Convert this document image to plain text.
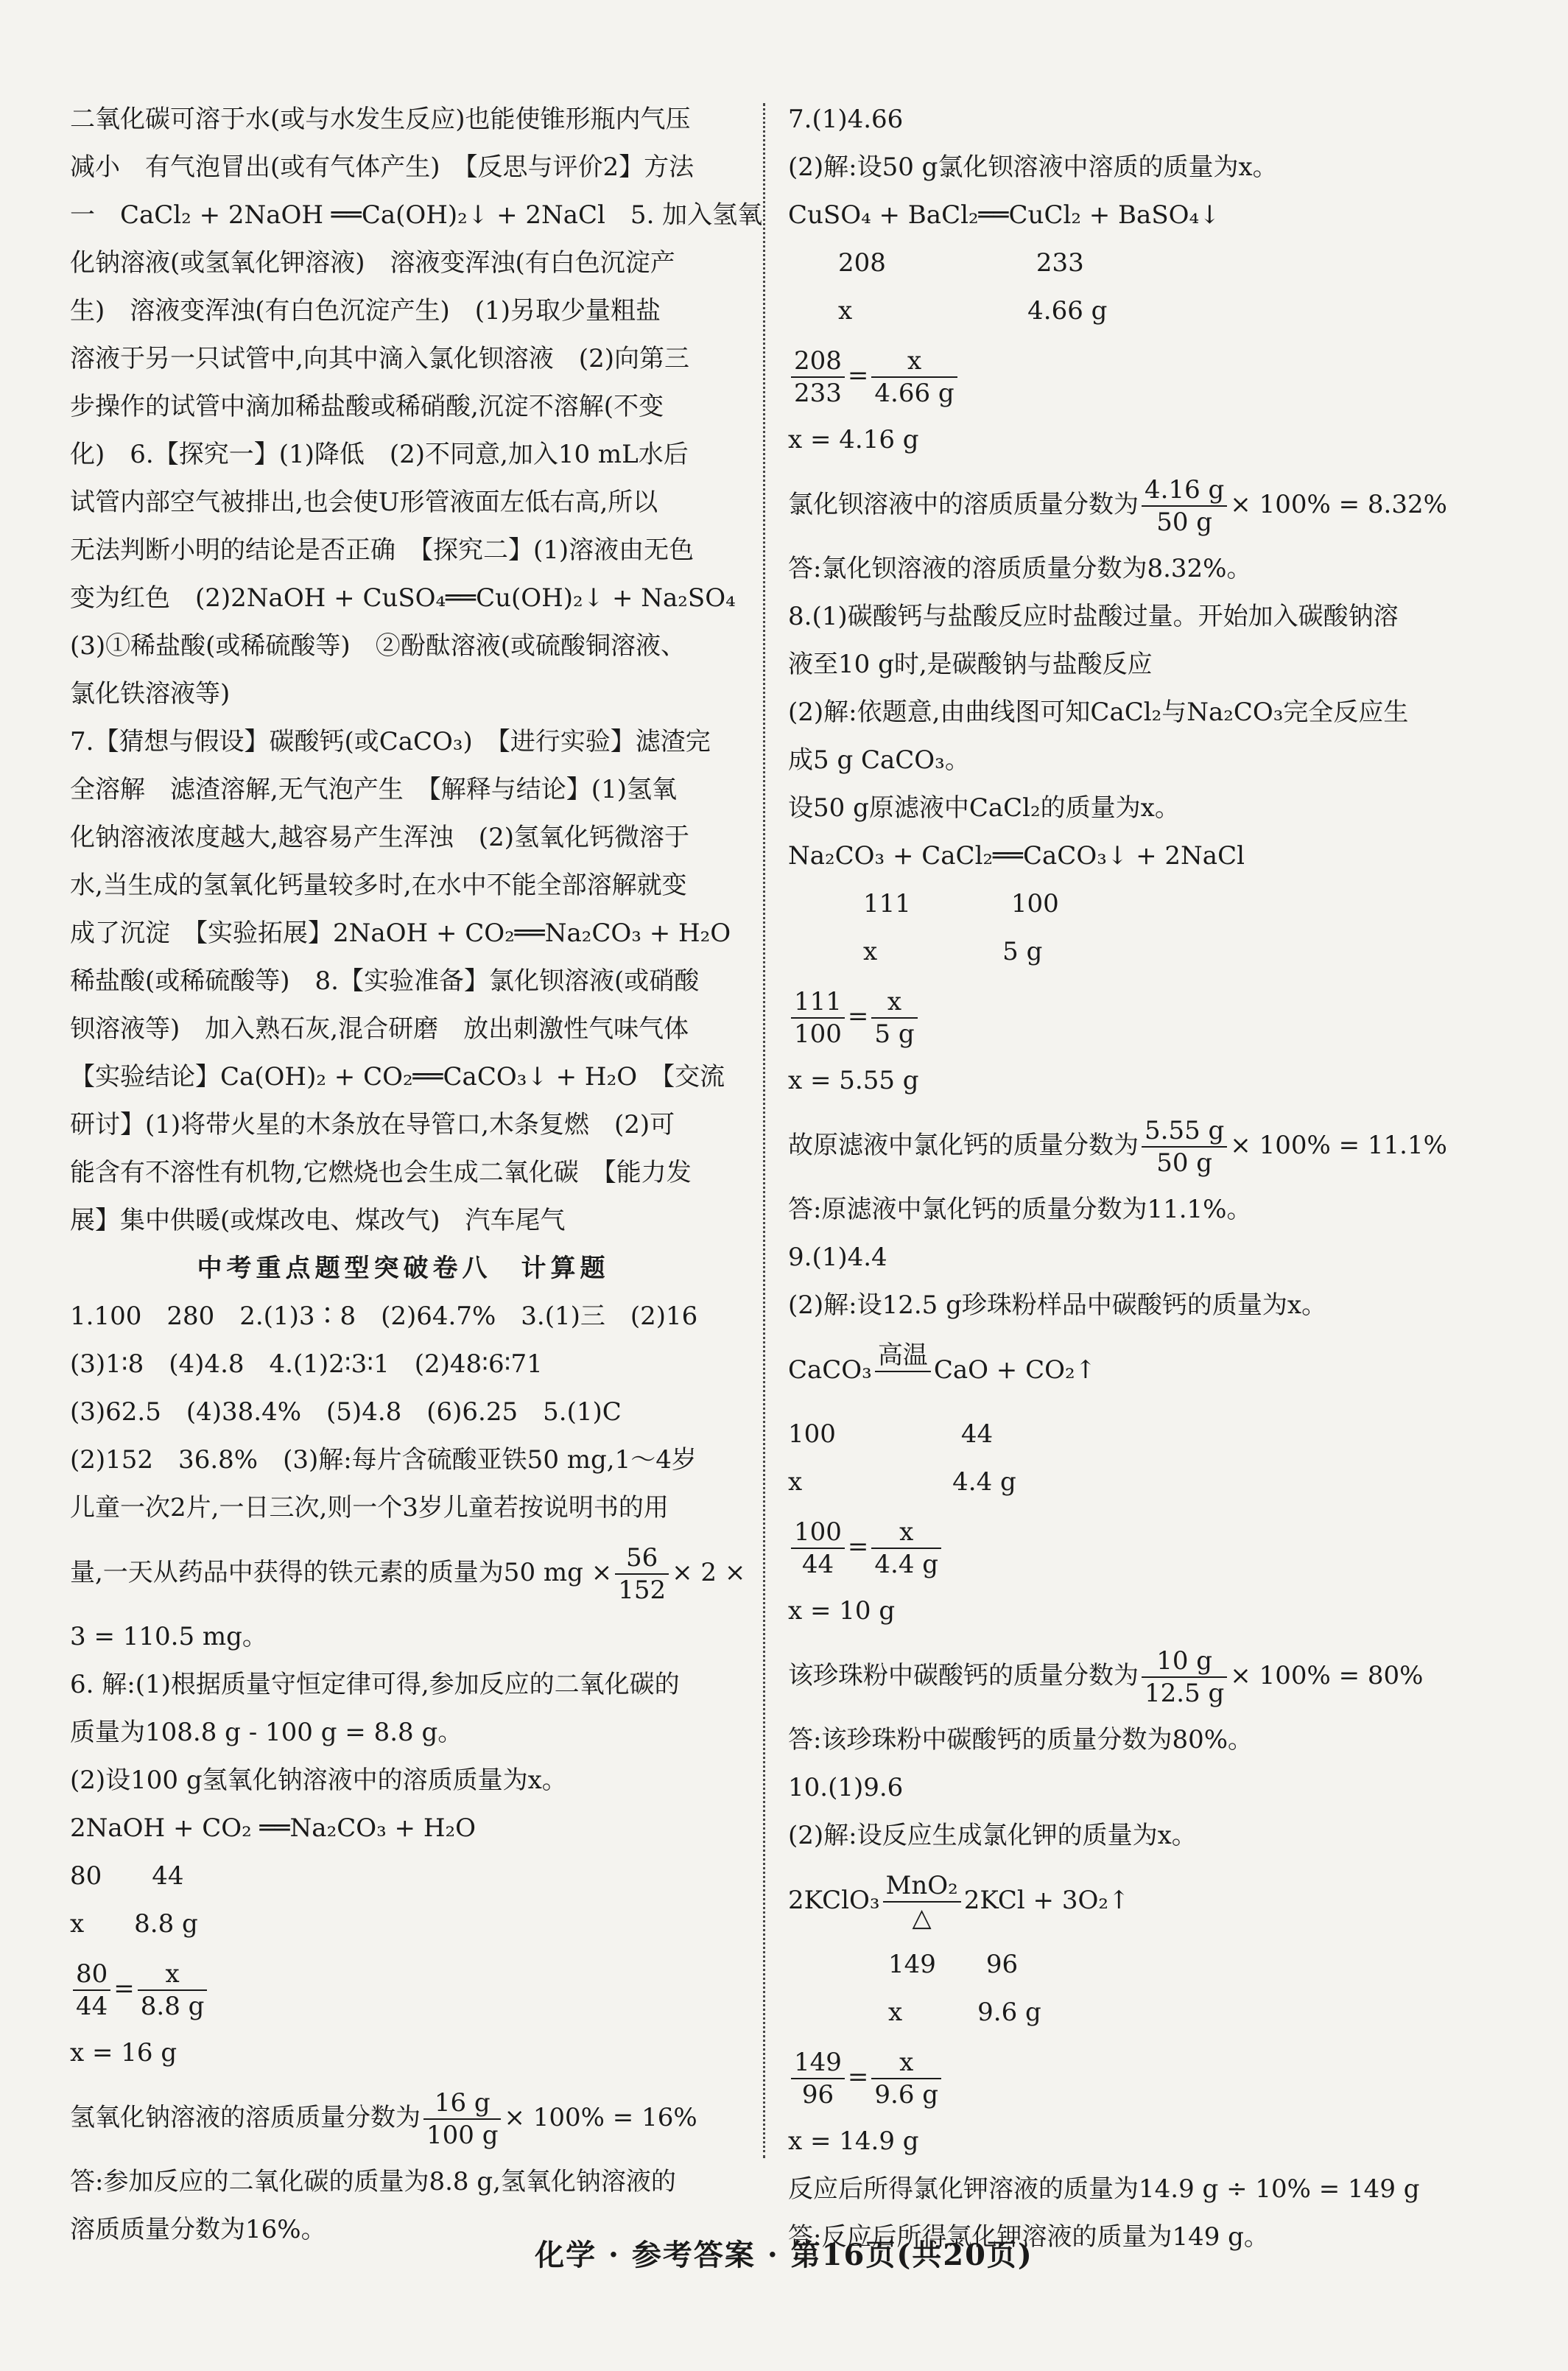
二氧化碳可溶于水(或与水发生反应)也能使锥形瓶内气压

减小　有气泡冒出(或有气体产生)　【反思与评价2】方法

一　CaCl₂ + 2NaOH ══Ca(OH)₂↓ + 2NaCl　5. 加入氢氧

化钠溶液(或氢氧化钾溶液)　溶液变浑浊(有白色沉淀产

生)　溶液变浑浊(有白色沉淀产生)　(1)另取少量粗盐

溶液于另一只试管中,向其中滴入氯化钡溶液　(2)向第三

步操作的试管中滴加稀盐酸或稀硝酸,沉淀不溶解(不变

化)　6.【探究一】(1)降低　(2)不同意,加入10 mL水后

试管内部空气被排出,也会使U形管液面左低右高,所以

无法判断小明的结论是否正确　【探究二】(1)溶液由无色

变为红色　(2)2NaOH + CuSO₄══Cu(OH)₂↓ + Na₂SO₄

(3)①稀盐酸(或稀硫酸等)　②酚酞溶液(或硫酸铜溶液、

氯化铁溶液等)

7.【猜想与假设】碳酸钙(或CaCO₃)　【进行实验】滤渣完

全溶解　滤渣溶解,无气泡产生　【解释与结论】(1)氢氧

化钠溶液浓度越大,越容易产生浑浊　(2)氢氧化钙微溶于

水,当生成的氢氧化钙量较多时,在水中不能全部溶解就变

成了沉淀　【实验拓展】2NaOH + CO₂══Na₂CO₃ + H₂O

稀盐酸(或稀硫酸等)　8.【实验准备】氯化钡溶液(或硝酸

钡溶液等)　加入熟石灰,混合研磨　放出刺激性气味气体

【实验结论】Ca(OH)₂ + CO₂══CaCO₃↓ + H₂O　【交流

研讨】(1)将带火星的木条放在导管口,木条复燃　(2)可

能含有不溶性有机物,它燃烧也会生成二氧化碳　【能力发

展】集中供暖(或煤改电、煤改气)　汽车尾气

中考重点题型突破卷八　计算题

1.100　280　2.(1)3∶8　(2)64.7%　3.(1)三　(2)16

(3)1∶8　(4)4.8　4.(1)2∶3∶1　(2)48∶6∶71

(3)62.5　(4)38.4%　(5)4.8　(6)6.25　5.(1)C

(2)152　36.8%　(3)解:每片含硫酸亚铁50 mg,1～4岁

儿童一次2片,一日三次,则一个3岁儿童若按说明书的用

量,一天从药品中获得的铁元素的质量为50 mg × $\frac{56}{152} \times 2$ ×

3 = 110.5 mg。

6. 解:(1)根据质量守恒定律可得,参加反应的二氧化碳的

质量为108.8 g - 100 g = 8.8 g。

(2)设100 g氢氧化钠溶液中的溶质质量为x。

2NaOH + CO₂ ══Na₂CO₃ + H₂O

80　　44

x　　8.8 g

$\frac{80}{44} = \frac{x}{8.8 g}$

x = 16 g

氢氧化钠溶液的溶质质量分数为 $\frac{16 g}{100 g} \times 100\% = 16\%$

答:参加反应的二氧化碳的质量为8.8 g,氢氧化钠溶液的

溶质质量分数为16%。

7.(1)4.66

(2)解:设50 g氯化钡溶液中溶质的质量为x。

CuSO₄ + BaCl₂══CuCl₂ + BaSO₄↓

　　208　　　　　　233

　　x　　　　　　　4.66 g

$\frac{208}{233} = \frac{x}{4.66 g}$

x = 4.16 g

氯化钡溶液中的溶质质量分数为 $\frac{4.16 g}{50 g} \times 100\% = 8.32\%$

答:氯化钡溶液的溶质质量分数为8.32%。

8.(1)碳酸钙与盐酸反应时盐酸过量。开始加入碳酸钠溶

液至10 g时,是碳酸钠与盐酸反应

(2)解:依题意,由曲线图可知CaCl₂与Na₂CO₃完全反应生

成5 g CaCO₃。

设50 g原滤液中CaCl₂的质量为x。

Na₂CO₃ + CaCl₂══CaCO₃↓ + 2NaCl

　　　111　　　　100

　　　x　　　　　5 g

$\frac{111}{100} = \frac{x}{5 g}$

x = 5.55 g

故原滤液中氯化钙的质量分数为 $\frac{5.55 g}{50 g} \times 100\% = 11.1\%$

答:原滤液中氯化钙的质量分数为11.1%。

9.(1)4.4

(2)解:设12.5 g珍珠粉样品中碳酸钙的质量为x。

CaCO₃ 高温
CaO + CO₂↑

100　　　　　44

x　　　　　　4.4 g

$\frac{100}{44} = \frac{x}{4.4 g}$

x = 10 g

该珍珠粉中碳酸钙的质量分数为 $\frac{10 g}{12.5 g} \times 100\% = 80\%$

答:该珍珠粉中碳酸钙的质量分数为80%。

10.(1)9.6

(2)解:设反应生成氯化钾的质量为x。

2KClO₃ $\frac{\text{MnO₂}}{\triangle} 2KCl$ + 3O₂↑

　　　　149　　96

　　　　x　　　9.6 g

$\frac{149}{96} = \frac{x}{9.6 g}$

x = 14.9 g

反应后所得氯化钾溶液的质量为14.9 g ÷ 10% = 149 g

答:反应后所得氯化钾溶液的质量为149 g。

化学 · 参考答案 · 第16页(共20页)
